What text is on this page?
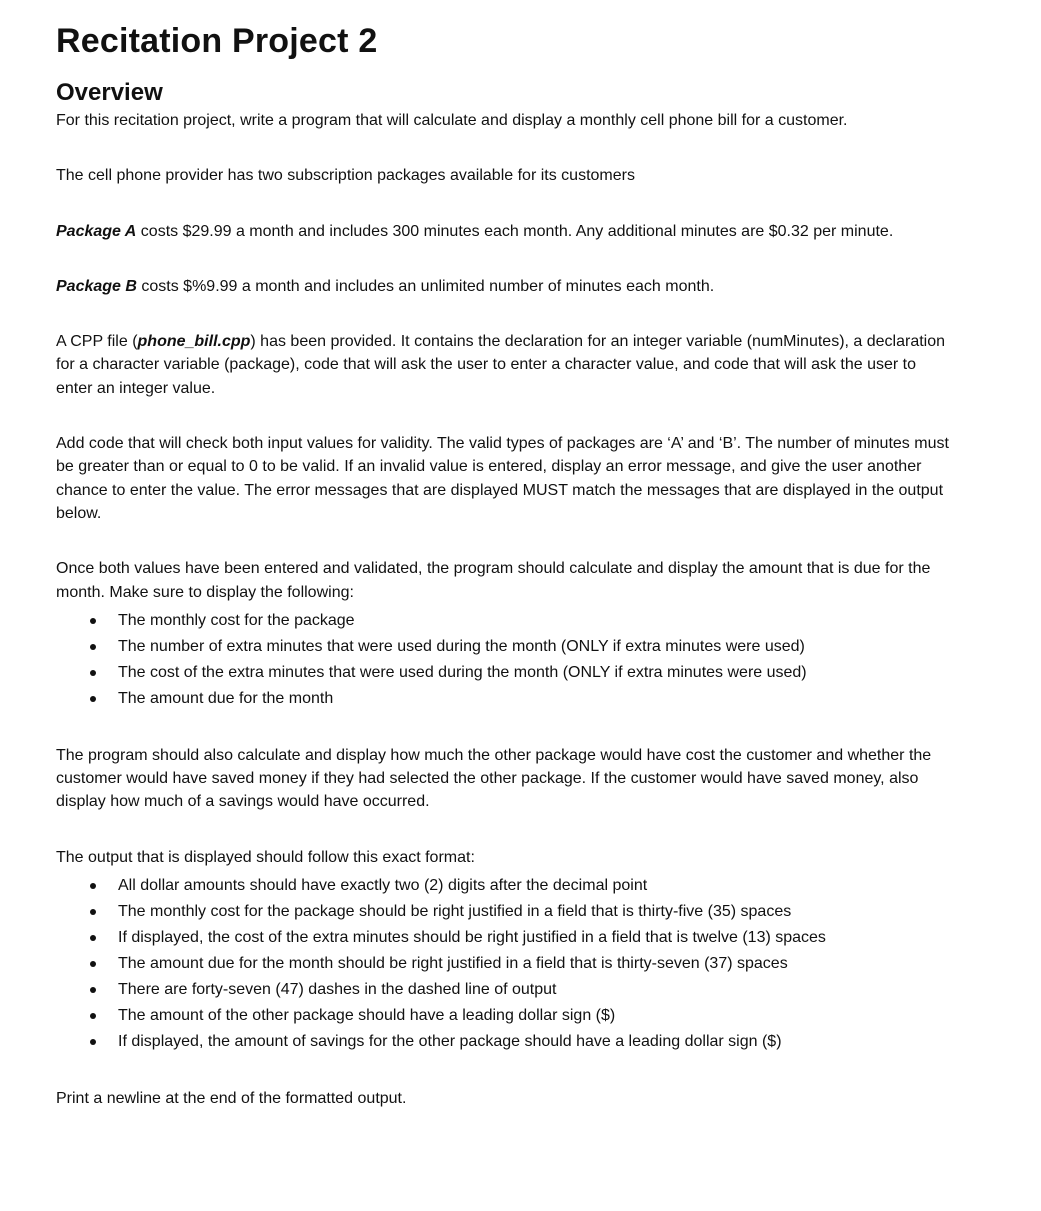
Recitation Project 2
Overview

For this recitation project, write a program that will calculate and display a monthly cell phone bill for a customer.

The cell phone provider has two subscription packages available for its customers

Package A costs $29.99 a month and includes 300 minutes each month. Any additional minutes are $0.32 per minute.

Package B costs $%9.99 a month and includes an unlimited number of minutes each month.

A CPP file (phone_bill.cpp) has been provided. It contains the declaration for an integer variable (numMinutes), a declaration for a character variable (package), code that will ask the user to enter a character value, and code that will ask the user to enter an integer value.

Add code that will check both input values for validity. The valid types of packages are ‘A’ and ‘B’. The number of minutes must be greater than or equal to 0 to be valid. If an invalid value is entered, display an error message, and give the user another chance to enter the value. The error messages that are displayed MUST match the messages that are displayed in the output below.

Once both values have been entered and validated, the program should calculate and display the amount that is due for the month. Make sure to display the following:

The monthly cost for the package
The number of extra minutes that were used during the month (ONLY if extra minutes were used)
The cost of the extra minutes that were used during the month (ONLY if extra minutes were used)
The amount due for the month

The program should also calculate and display how much the other package would have cost the customer and whether the customer would have saved money if they had selected the other package. If the customer would have saved money, also display how much of a savings would have occurred.

The output that is displayed should follow this exact format:

All dollar amounts should have exactly two (2) digits after the decimal point
The monthly cost for the package should be right justified in a field that is thirty-five (35) spaces
If displayed, the cost of the extra minutes should be right justified in a field that is twelve (13) spaces
The amount due for the month should be right justified in a field that is thirty-seven (37) spaces
There are forty-seven (47) dashes in the dashed line of output
The amount of the other package should have a leading dollar sign ($)
If displayed, the amount of savings for the other package should have a leading dollar sign ($)

Print a newline at the end of the formatted output.
